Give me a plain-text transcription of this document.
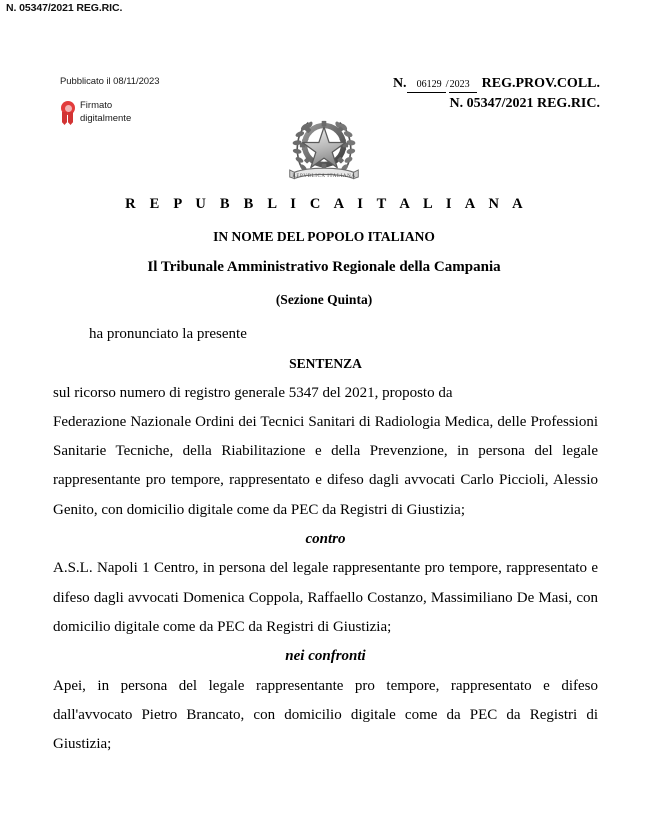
N. 05347/2021 REG.RIC.
Pubblicato il 08/11/2023
Firmato
digitalmente
N.	06129 / 2023 REG.PROV.COLL.
N. 05347/2021 REG.RIC.
REPVBLICA ITALIANA
R E P U B B L I C A I T A L I A N A
IN NOME DEL POPOLO ITALIANO
Il Tribunale Amministrativo Regionale della Campania
(Sezione Quinta)

ha pronunciato la presente

SENTENZA

sul ricorso numero di registro generale 5347 del 2021, proposto da

Federazione Nazionale Ordini dei Tecnici Sanitari di Radiologia Medica, delle Professioni Sanitarie Tecniche, della Riabilitazione e della Prevenzione, in persona del legale rappresentante pro tempore, rappresentato e difeso dagli avvocati Carlo Piccioli, Alessio Genito, con domicilio digitale come da PEC da Registri di Giustizia;

contro

A.S.L. Napoli 1 Centro, in persona del legale rappresentante pro tempore, rappresentato e difeso dagli avvocati Domenica Coppola, Raffaello Costanzo, Massimiliano De Masi, con domicilio digitale come da PEC da Registri di Giustizia;

nei confronti

Apei, in persona del legale rappresentante pro tempore, rappresentato e difeso dall'avvocato Pietro Brancato, con domicilio digitale come da PEC da Registri di Giustizia;
